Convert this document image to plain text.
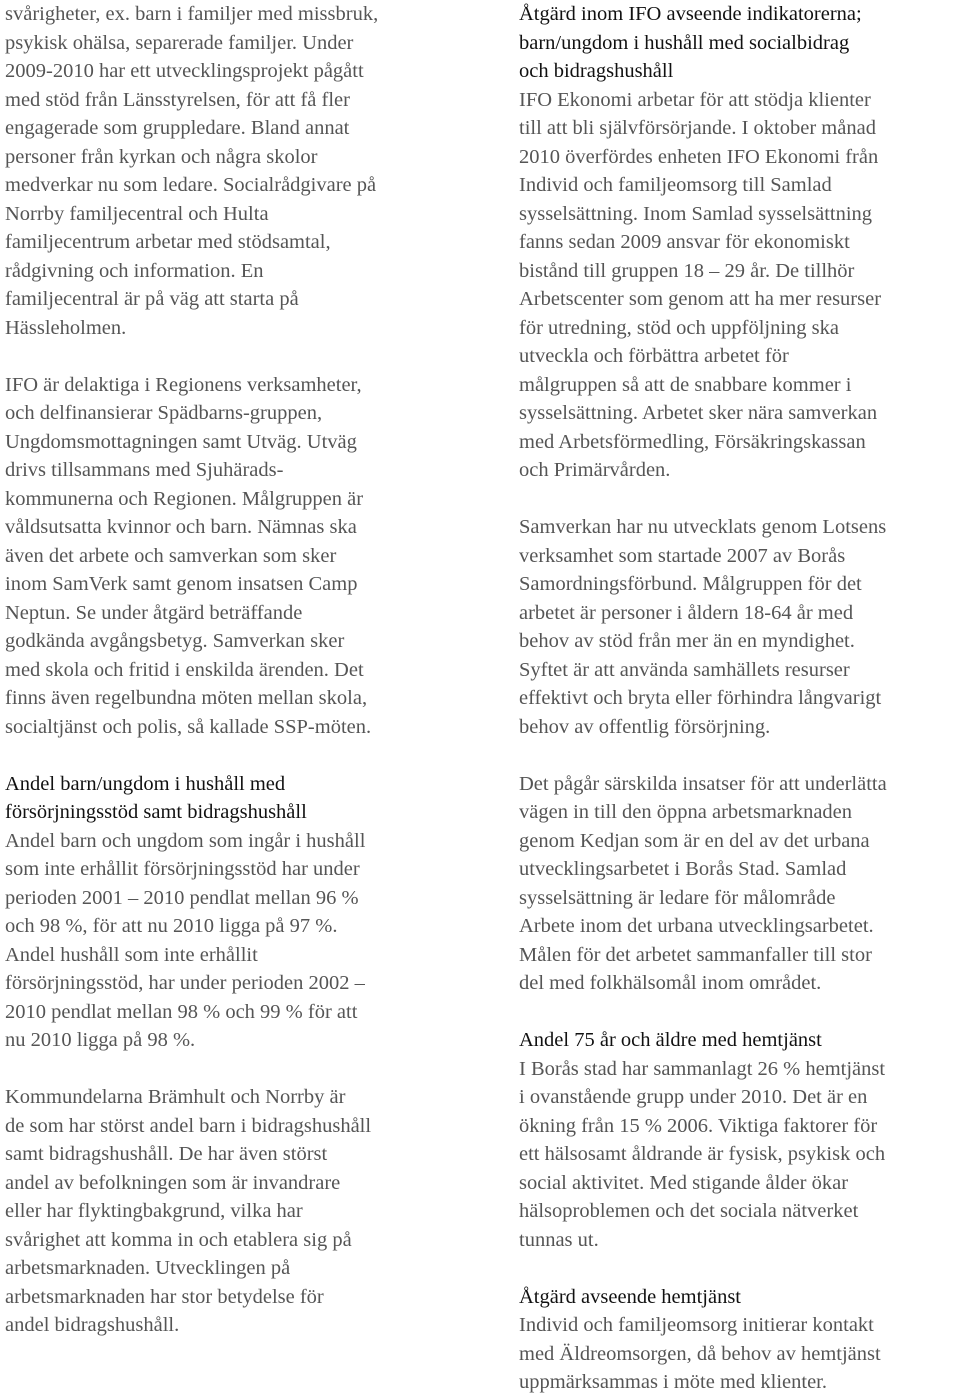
svårigheter, ex. barn i familjer med missbruk,
psykisk ohälsa, separerade familjer. Under
2009-2010 har ett utvecklingsprojekt pågått
med stöd från Länsstyrelsen, för att få fler
engagerade som gruppledare. Bland annat
personer från kyrkan och några skolor
medverkar nu som ledare. Socialrådgivare på
Norrby familjecentral och Hulta
familjecentrum arbetar med stödsamtal,
rådgivning och information. En
familjecentral är på väg att starta på
Hässleholmen.

IFO är delaktiga i Regionens verksamheter,
och delfinansierar Spädbarns-gruppen,
Ungdomsmottagningen samt Utväg. Utväg
drivs tillsammans med Sjuhärads-
kommunerna och Regionen. Målgruppen är
våldsutsatta kvinnor och barn. Nämnas ska
även det arbete och samverkan som sker
inom SamVerk samt genom insatsen Camp
Neptun. Se under åtgärd beträffande
godkända avgångsbetyg. Samverkan sker
med skola och fritid i enskilda ärenden. Det
finns även regelbundna möten mellan skola,
socialtjänst och polis, så kallade SSP-möten.

Andel barn/ungdom i hushåll med
försörjningsstöd samt bidragshushåll

Andel barn och ungdom som ingår i hushåll
som inte erhållit försörjningsstöd har under
perioden 2001 – 2010 pendlat mellan 96 %
och 98 %, för att nu 2010 ligga på 97 %.
Andel hushåll som inte erhållit
försörjningsstöd, har under perioden 2002 –
2010 pendlat mellan 98 % och 99 % för att
nu 2010 ligga på 98 %.

Kommundelarna Brämhult och Norrby är
de som har störst andel barn i bidragshushåll
samt bidragshushåll. De har även störst
andel av befolkningen som är invandrare
eller har flyktingbakgrund, vilka har
svårighet att komma in och etablera sig på
arbetsmarknaden. Utvecklingen på
arbetsmarknaden har stor betydelse för
andel bidragshushåll.

Åtgärd inom IFO avseende indikatorerna;
barn/ungdom i hushåll med socialbidrag
och bidragshushåll

IFO Ekonomi arbetar för att stödja klienter
till att bli självförsörjande. I oktober månad
2010 överfördes enheten IFO Ekonomi från
Individ och familjeomsorg till Samlad
sysselsättning. Inom Samlad sysselsättning
fanns sedan 2009 ansvar för ekonomiskt
bistånd till gruppen 18 – 29 år. De tillhör
Arbetscenter som genom att ha mer resurser
för utredning, stöd och uppföljning ska
utveckla och förbättra arbetet för
målgruppen så att de snabbare kommer i
sysselsättning. Arbetet sker nära samverkan
med Arbetsförmedling, Försäkringskassan
och Primärvården.

Samverkan har nu utvecklats genom Lotsens
verksamhet som startade 2007 av Borås
Samordningsförbund. Målgruppen för det
arbetet är personer i åldern 18-64 år med
behov av stöd från mer än en myndighet.
Syftet är att använda samhällets resurser
effektivt och bryta eller förhindra långvarigt
behov av offentlig försörjning.

Det pågår särskilda insatser för att underlätta
vägen in till den öppna arbetsmarknaden
genom Kedjan som är en del av det urbana
utvecklingsarbetet i Borås Stad. Samlad
sysselsättning är ledare för målområde
Arbete inom det urbana utvecklingsarbetet.
Målen för det arbetet sammanfaller till stor
del med folkhälsomål inom området.

Andel 75 år och äldre med hemtjänst

I Borås stad har sammanlagt 26 % hemtjänst
i ovanstående grupp under 2010. Det är en
ökning från 15 % 2006. Viktiga faktorer för
ett hälsosamt åldrande är fysisk, psykisk och
social aktivitet. Med stigande ålder ökar
hälsoproblemen och det sociala nätverket
tunnas ut.

Åtgärd avseende hemtjänst

Individ och familjeomsorg initierar kontakt
med Äldreomsorgen, då behov av hemtjänst
uppmärksammas i möte med klienter.
